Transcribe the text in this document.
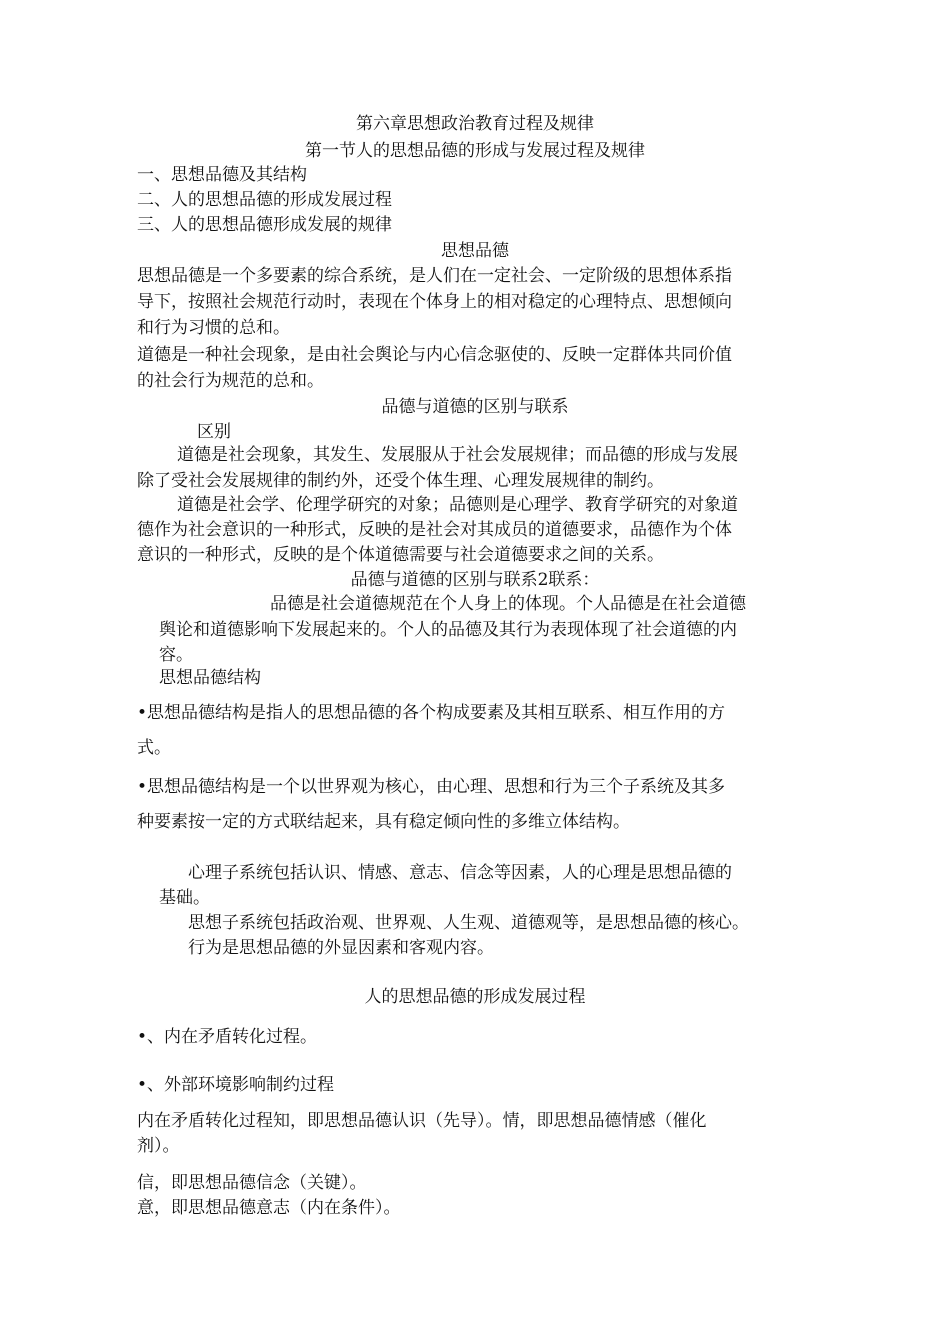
第六章思想政治教育过程及规律
第一节人的思想品德的形成与发展过程及规律
一、思想品德及其结构
二、人的思想品德的形成发展过程
三、人的思想品德形成发展的规律
思想品德
思想品德是一个多要素的综合系统，是人们在一定社会、一定阶级的思想体系指
导下，按照社会规范行动时，表现在个体身上的相对稳定的心理特点、思想倾向
和行为习惯的总和。
道德是一种社会现象，是由社会舆论与内心信念驱使的、反映一定群体共同价值
的社会行为规范的总和。
品德与道德的区别与联系
区别
道德是社会现象，其发生、发展服从于社会发展规律；而品德的形成与发展
除了受社会发展规律的制约外，还受个体生理、心理发展规律的制约。
道德是社会学、伦理学研究的对象；品德则是心理学、教育学研究的对象道
德作为社会意识的一种形式，反映的是社会对其成员的道德要求，品德作为个体
意识的一种形式，反映的是个体道德需要与社会道德要求之间的关系。
品德与道德的区别与联系2联系：
品德是社会道德规范在个人身上的体现。个人品德是在社会道德
舆论和道德影响下发展起来的。个人的品德及其行为表现体现了社会道德的内
容。
思想品德结构
•思想品德结构是指人的思想品德的各个构成要素及其相互联系、相互作用的方
式。
•思想品德结构是一个以世界观为核心，由心理、思想和行为三个子系统及其多
种要素按一定的方式联结起来，具有稳定倾向性的多维立体结构。
心理子系统包括认识、情感、意志、信念等因素，人的心理是思想品德的
基础。
思想子系统包括政治观、世界观、人生观、道德观等，是思想品德的核心。
行为是思想品德的外显因素和客观内容。
人的思想品德的形成发展过程
•、内在矛盾转化过程。
•、外部环境影响制约过程
内在矛盾转化过程知，即思想品德认识（先导）。情，即思想品德情感（催化
剂）。
信，即思想品德信念（关键）。
意，即思想品德意志（内在条件）。
